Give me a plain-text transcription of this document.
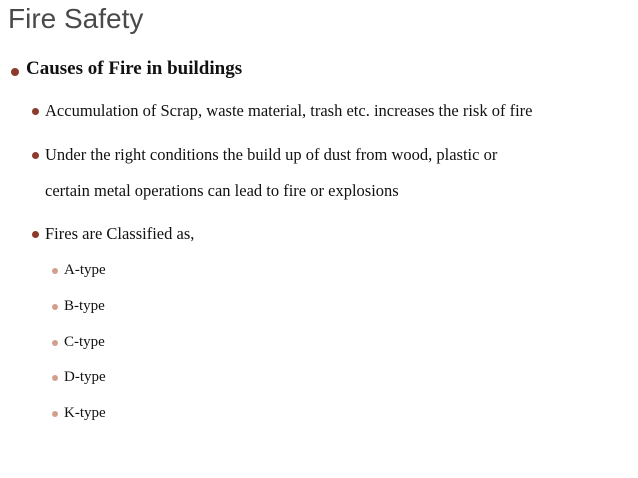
Fire Safety
Causes of Fire in buildings
Accumulation of Scrap, waste material, trash etc. increases the risk of fire
Under the right conditions the build up of dust from wood, plastic or
certain metal operations can lead to fire or explosions
Fires are Classified as,
A-type
B-type
C-type
D-type
K-type
